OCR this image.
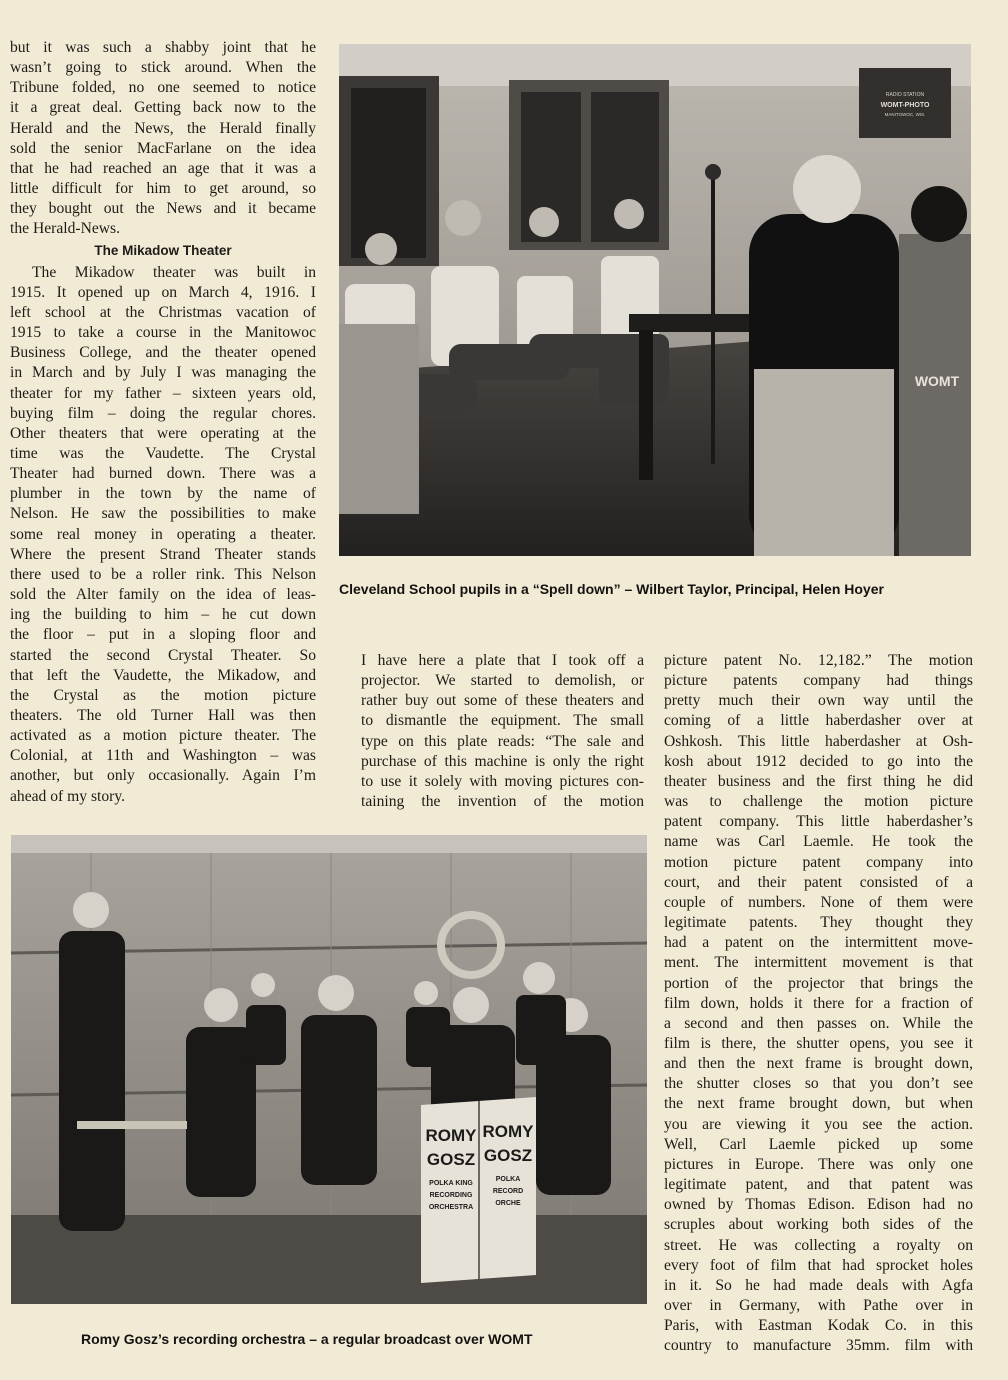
but it was such a shabby joint that he
wasn’t going to stick around. When the
Tribune folded, no one seemed to notice
it a great deal. Getting back now to the
Herald and the News, the Herald finally
sold the senior MacFarlane on the idea
that he had reached an age that it was a
little difficult for him to get around, so
they bought out the News and it became
the Herald-News.

The Mikadow Theater

The Mikadow theater was built in
1915. It opened up on March 4, 1916. I
left school at the Christmas vacation of
1915 to take a course in the Manitowoc
Business College, and the theater opened
in March and by July I was managing the
theater for my father – sixteen years old,
buying film – doing the regular chores.
Other theaters that were operating at the
time was the Vaudette. The Crystal
Theater had burned down. There was a
plumber in the town by the name of
Nelson. He saw the possibilities to make
some real money in operating a theater.
Where the present Strand Theater stands
there used to be a roller rink. This Nelson
sold the Alter family on the idea of leas-
ing the building to him – he cut down
the floor – put in a sloping floor and
started the second Crystal Theater. So
that left the Vaudette, the Mikadow, and
the Crystal as the motion picture
theaters. The old Turner Hall was then
activated as a motion picture theater. The
Colonial, at 11th and Washington – was
another, but only occasionally. Again I’m
ahead of my story.

RADIO STATION
WOMT-PHOTO
MANITOWOC, WIS.
WOMT
Cleveland School pupils in a “Spell down” – Wilbert Taylor, Principal, Helen Hoyer

I have here a plate that I took off a
projector. We started to demolish, or
rather buy out some of these theaters and
to dismantle the equipment. The small
type on this plate reads: “The sale and
purchase of this machine is only the right
to use it solely with moving pictures con-
taining the invention of the motion

picture patent No. 12,182.” The motion
picture patents company had things
pretty much their own way until the
coming of a little haberdasher over at
Oshkosh. This little haberdasher at Osh-
kosh about 1912 decided to go into the
theater business and the first thing he did
was to challenge the motion picture
patent company. This little haberdasher’s
name was Carl Laemle. He took the
motion picture patent company into
court, and their patent consisted of a
couple of numbers. None of them were
legitimate patents. They thought they
had a patent on the intermittent move-
ment. The intermittent movement is that
portion of the projector that brings the
film down, holds it there for a fraction of
a second and then passes on. While the
film is there, the shutter opens, you see it
and then the next frame is brought down,
the shutter closes so that you don’t see
the next frame brought down, but when
you are viewing it you see the action.
Well, Carl Laemle picked up some
pictures in Europe. There was only one
legitimate patent, and that patent was
owned by Thomas Edison. Edison had no
scruples about working both sides of the
street. He was collecting a royalty on
every foot of film that had sprocket holes
in it. So he had made deals with Agfa
over in Germany, with Pathe over in
Paris, with Eastman Kodak Co. in this
country to manufacture 35mm. film with

ROMY
GOSZ
POLKA KING
RECORDING
ORCHESTRA
ROMY
GOSZ
POLKA
RECORD
ORCHE
Romy Gosz’s recording orchestra – a regular broadcast over WOMT
